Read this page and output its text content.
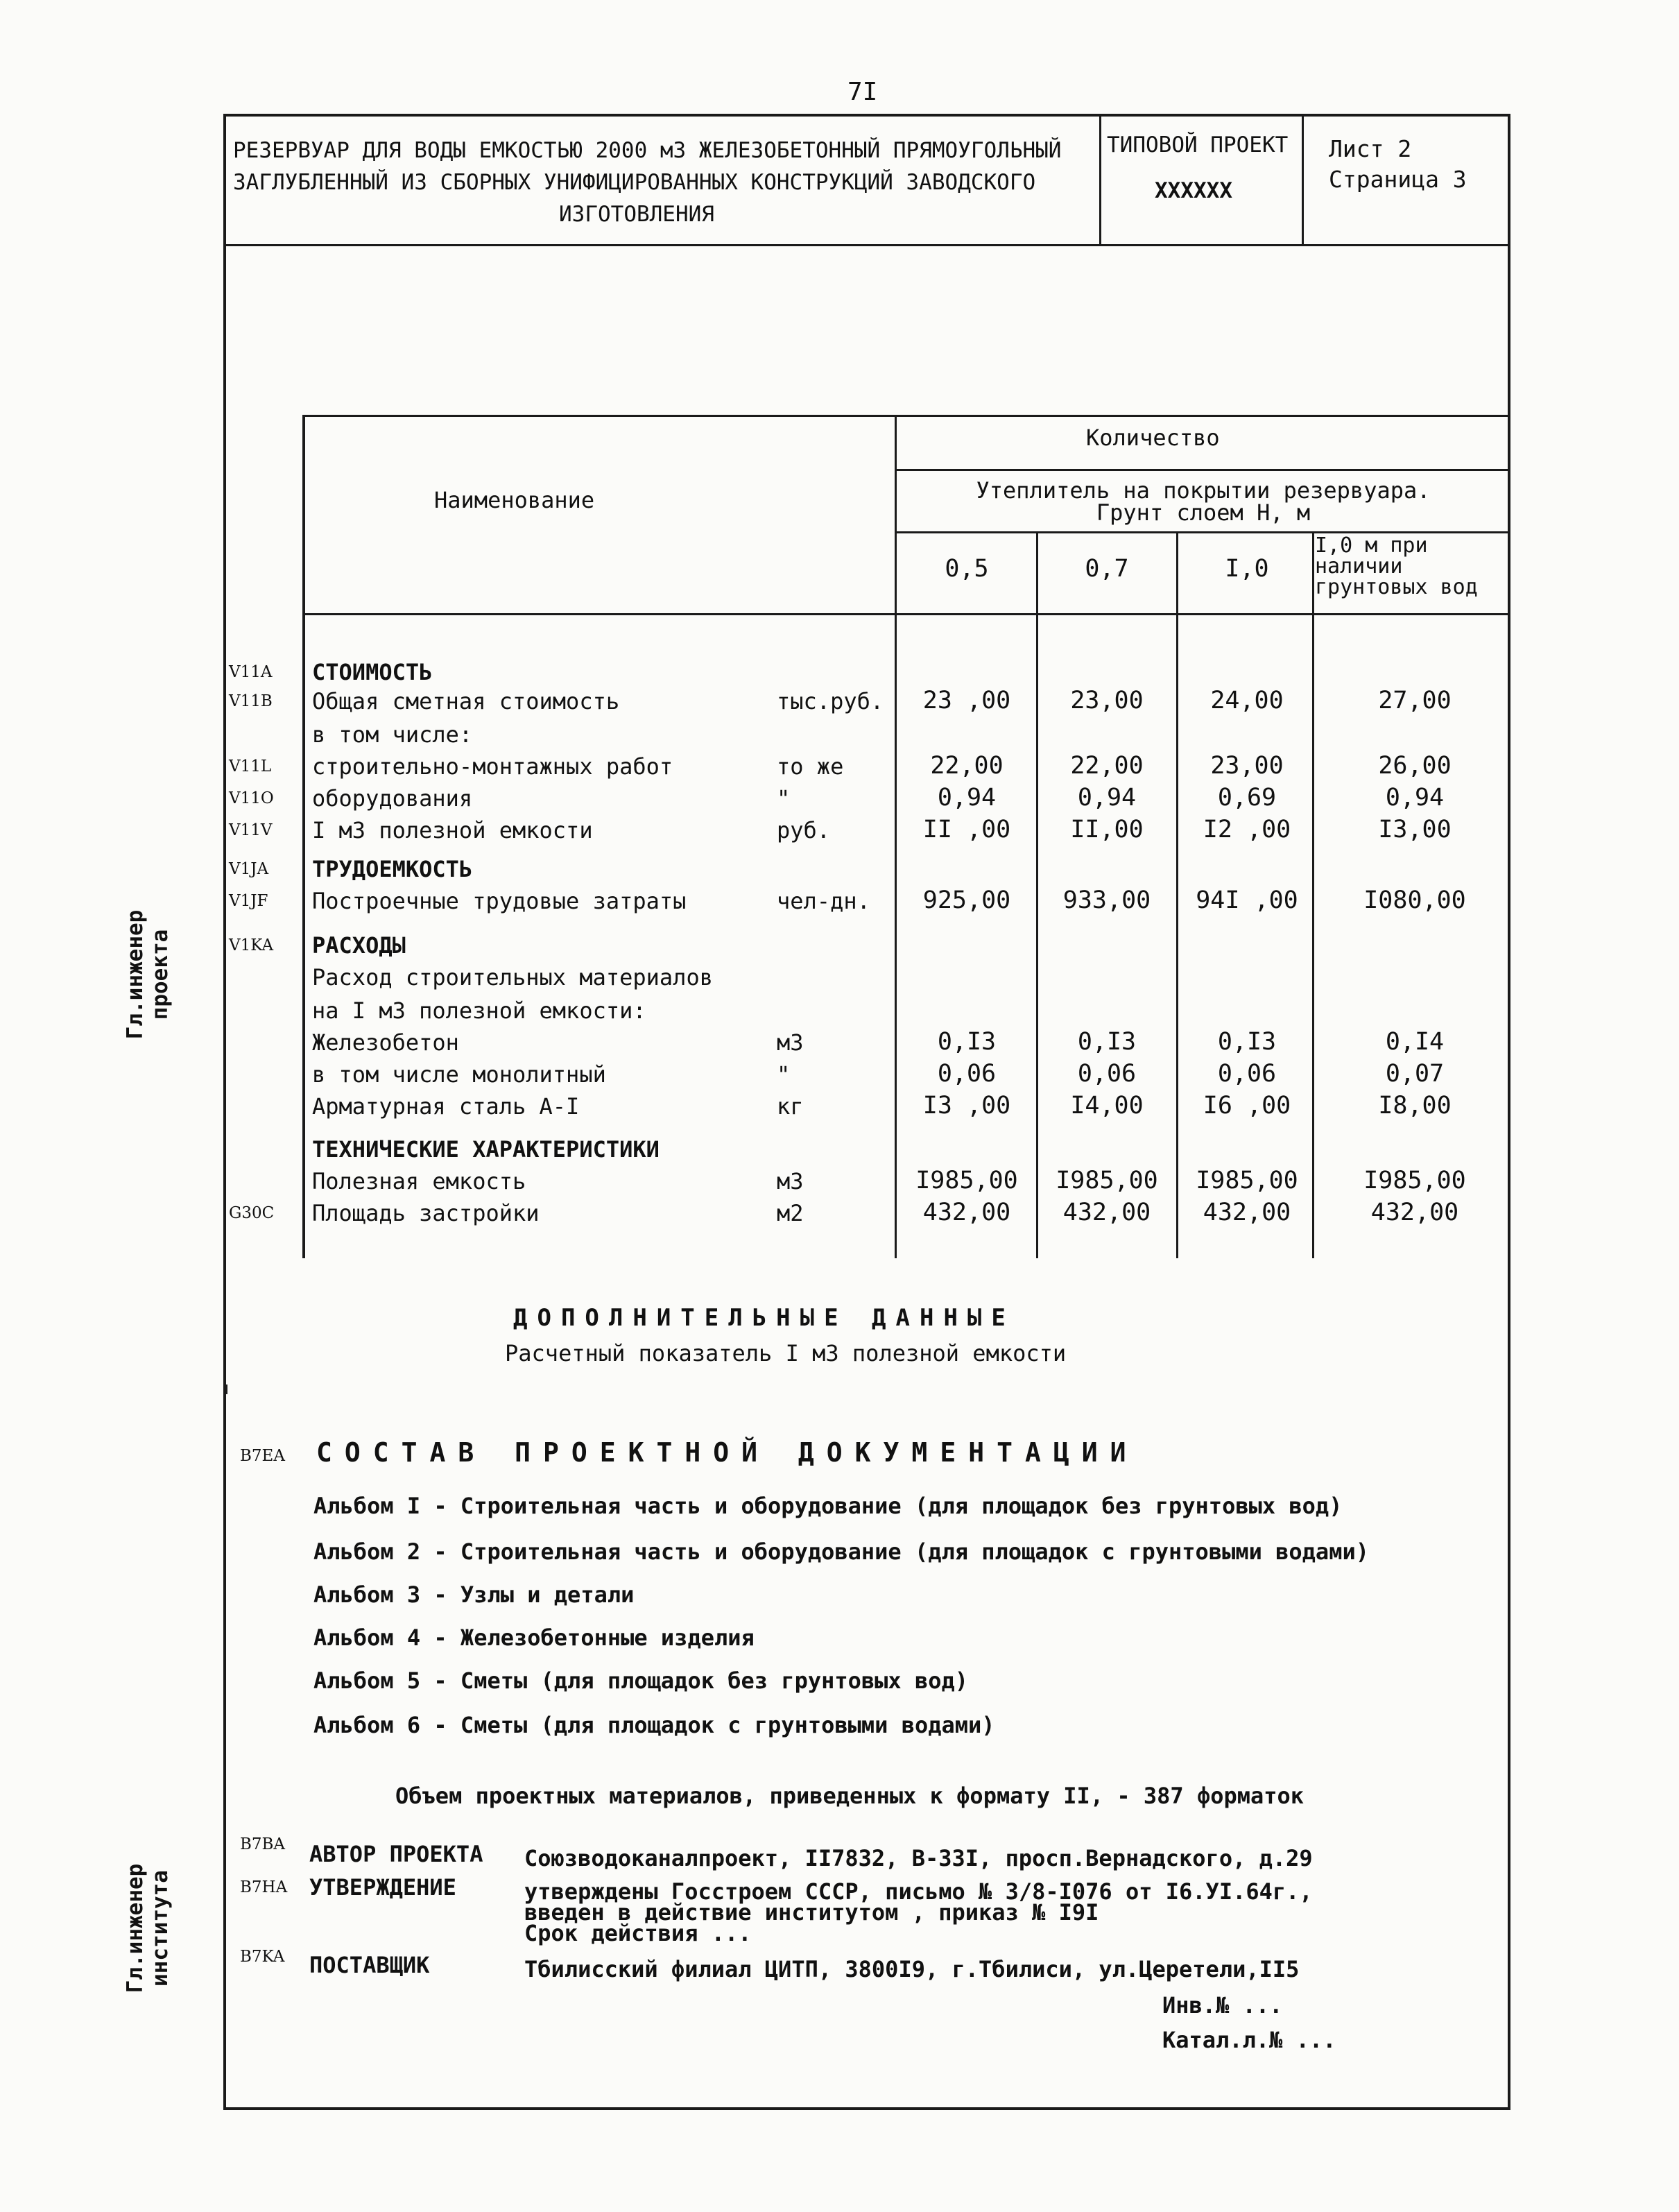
7I
РЕЗЕРВУАР ДЛЯ ВОДЫ ЕМКОСТЬЮ 2000 м3 ЖЕЛЕЗОБЕТОННЫЙ ПРЯМОУГОЛЬНЫЙ
ЗАГЛУБЛЕННЫЙ ИЗ СБОРНЫХ УНИФИЦИРОВАННЫХ КОНСТРУКЦИЙ ЗАВОДСКОГО
ИЗГОТОВЛЕНИЯ
ТИПОВОЙ ПРОЕКТ
XXXXXX
Лист 2
Страница 3
Гл.инженер проекта
Гл.инженер института
Наименование
Количество
Утеплитель на покрытии резервуара.
Грунт слоем Н, м
0,5	0,7	I,0
I,0 м при наличии грунтовых вод
V11A СТОИМОСТЬ
V11B Общая сметная стоимость	тыс.руб.	23 ,00	23,00	24,00	27,00
в том числе:
V11L строительно-монтажных работ	то же	22,00	22,00	23,00	26,00
V11O оборудования	"	0,94	0,94	0,69	0,94
V11V I м3 полезной емкости	руб.	II ,00	II,00	I2 ,00	I3,00
V1JA ТРУДОЕМКОСТЬ
V1JF Построечные трудовые затраты	чел-дн.	925,00	933,00	94I ,00	I080,00
V1KA РАСХОДЫ
Расход строительных материалов
на I м3 полезной емкости:
Железобетон	м3	0,I3	0,I3	0,I3	0,I4
в том числе монолитный	"	0,06	0,06	0,06	0,07
Арматурная сталь А-I	кг	I3 ,00	I4,00	I6 ,00	I8,00
ТЕХНИЧЕСКИЕ ХАРАКТЕРИСТИКИ
Полезная емкость	м3	I985,00	I985,00	I985,00	I985,00
G30C Площадь застройки	м2	432,00	432,00	432,00	432,00
ДОПОЛНИТЕЛЬНЫЕ ДАННЫЕ
Расчетный показатель I м3 полезной емкости
B7EA СОСТАВ ПРОЕКТНОЙ ДОКУМЕНТАЦИИ
Альбом I - Строительная часть и оборудование (для площадок без грунтовых вод)
Альбом 2 - Строительная часть и оборудование (для площадок с грунтовыми водами)
Альбом 3 - Узлы и детали
Альбом 4 - Железобетонные изделия
Альбом 5 - Сметы (для площадок без грунтовых вод)
Альбом 6 - Сметы (для площадок с грунтовыми водами)
Объем проектных материалов, приведенных к формату II, - 387 форматок
B7BA АВТОР ПРОЕКТА Союзводоканалпроект, II7832, В-33I, просп.Вернадского, д.29
B7HA УТВЕРЖДЕНИЕ	утверждены Госстроем СССР, письмо № 3/8-I076 от I6.УI.64г.,
введен в действие институтом , приказ № I9I
Срок действия ...
B7KA ПОСТАВЩИК	Тбилисский филиал ЦИТП, 3800I9, г.Тбилиси, ул.Церетели,II5
Инв.№ ...
Катал.л.№ ...
